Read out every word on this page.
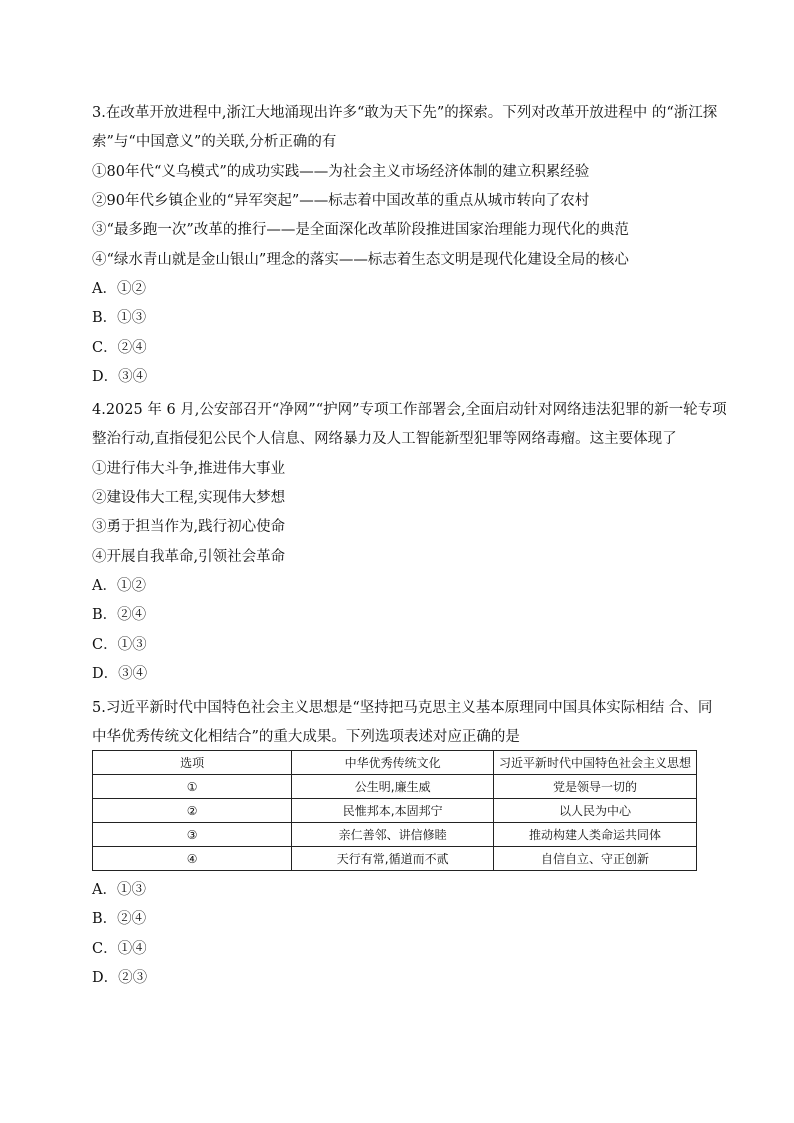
3.在改革开放进程中,浙江大地涌现出许多“敢为天下先”的探索。下列对改革开放进程中 的“浙江探
索”与“中国意义”的关联,分析正确的有
①80年代“义乌模式”的成功实践——为社会主义市场经济体制的建立积累经验
②90年代乡镇企业的“异军突起”——标志着中国改革的重点从城市转向了农村
③“最多跑一次”改革的推行——是全面深化改革阶段推进国家治理能力现代化的典范
④“绿水青山就是金山银山”理念的落实——标志着生态文明是现代化建设全局的核心
A．①②
B．①③
C．②④
D．③④
4.2025 年 6 月,公安部召开“净网”“护网”专项工作部署会,全面启动针对网络违法犯罪的新一轮专项
整治行动,直指侵犯公民个人信息、网络暴力及人工智能新型犯罪等网络毒瘤。这主要体现了
①进行伟大斗争,推进伟大事业
②建设伟大工程,实现伟大梦想
③勇于担当作为,践行初心使命
④开展自我革命,引领社会革命
A．①②
B．②④
C．①③
D．③④
5.习近平新时代中国特色社会主义思想是“坚持把马克思主义基本原理同中国具体实际相结 合、同
中华优秀传统文化相结合”的重大成果。下列选项表述对应正确的是
选项	中华优秀传统文化	习近平新时代中国特色社会主义思想
①	公生明,廉生威	党是领导一切的
②	民惟邦本,本固邦宁	以人民为中心
③	亲仁善邻、讲信修睦	推动构建人类命运共同体
④	天行有常,循道而不贰	自信自立、守正创新
A．①③
B．②④
C．①④
D．②③
